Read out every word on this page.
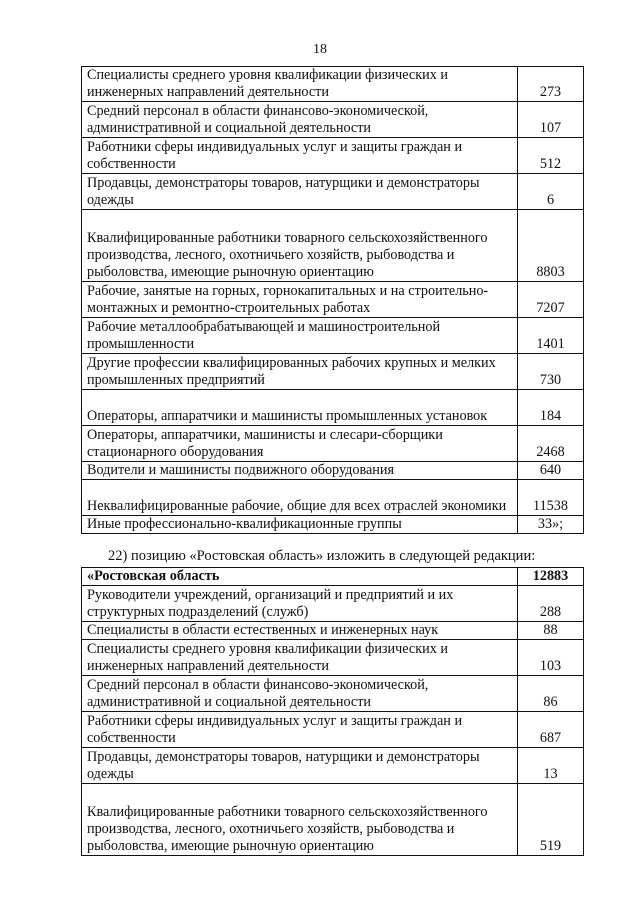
18
Специалисты среднего уровня квалификации физических и инженерных направлений деятельности	273
Средний персонал в области финансово-экономической, административной и социальной деятельности	107
Работники сферы индивидуальных услуг и защиты граждан и собственности	512
Продавцы, демонстраторы товаров, натурщики и демонстраторы одежды	6
Квалифицированные работники товарного сельскохозяйственного производства, лесного, охотничьего хозяйств, рыбоводства и рыболовства, имеющие рыночную ориентацию	8803
Рабочие, занятые на горных, горнокапитальных и на строительно-монтажных и ремонтно-строительных работах	7207
Рабочие металлообрабатывающей и машиностроительной промышленности	1401
Другие профессии квалифицированных рабочих крупных и мелких промышленных предприятий	730
Операторы, аппаратчики и машинисты промышленных установок	184
Операторы, аппаратчики, машинисты и слесари-сборщики стационарного оборудования	2468
Водители и машинисты подвижного оборудования	640
Неквалифицированные рабочие, общие для всех отраслей экономики	11538
Иные профессионально-квалификационные группы	33»;
22) позицию «Ростовская область» изложить в следующей редакции:
«Ростовская область	12883
Руководители учреждений, организаций и предприятий и их структурных подразделений (служб)	288
Специалисты в области естественных и инженерных наук	88
Специалисты среднего уровня квалификации физических и инженерных направлений деятельности	103
Средний персонал в области финансово-экономической, административной и социальной деятельности	86
Работники сферы индивидуальных услуг и защиты граждан и собственности	687
Продавцы, демонстраторы товаров, натурщики и демонстраторы одежды	13
Квалифицированные работники товарного сельскохозяйственного производства, лесного, охотничьего хозяйств, рыбоводства и рыболовства, имеющие рыночную ориентацию	519
